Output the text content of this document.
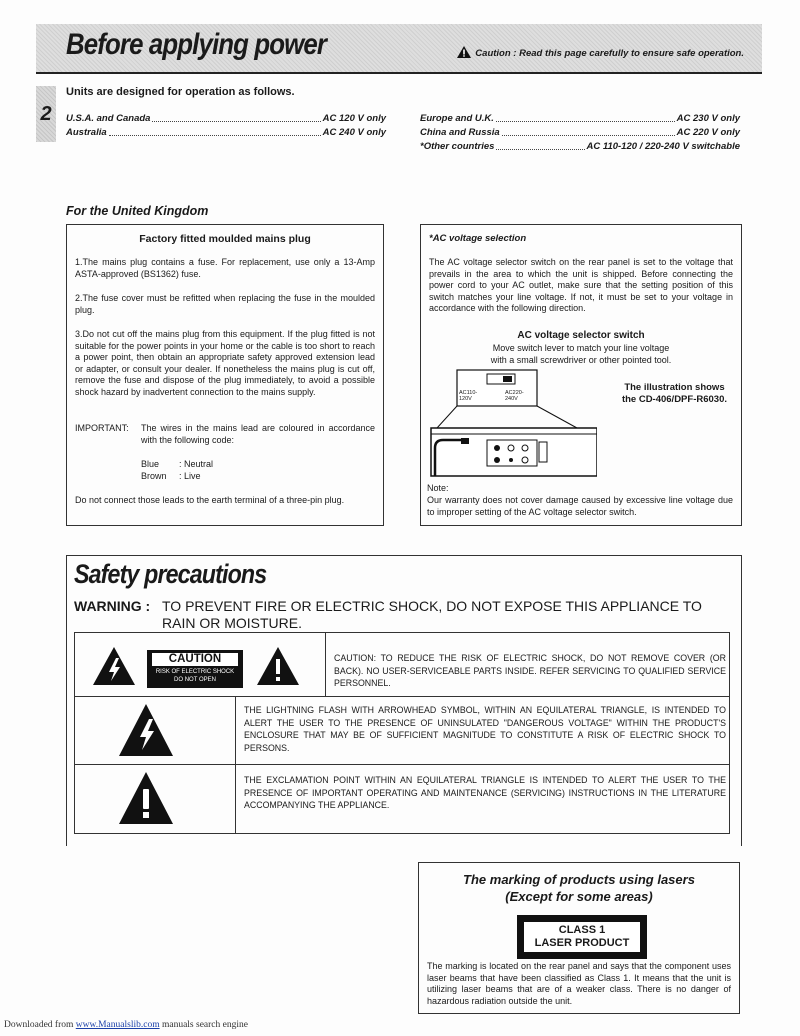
Before applying power	Caution : Read this page carefully to ensure safe operation.
2
Units are designed for operation as follows.
U.S.A. and Canada	AC 120 V only
Australia	AC 240 V only
Europe and U.K.	AC 230 V only
China and Russia	AC 220 V only
*Other countries	AC 110-120 / 220-240 V switchable
For the United Kingdom
Factory fitted moulded mains plug
1.The mains plug contains a fuse. For replacement, use only a 13-Amp ASTA-approved (BS1362) fuse.
2.The fuse cover must be refitted when replacing the fuse in the moulded plug.
3.Do not cut off the mains plug from this equipment. If the plug fitted is not suitable for the power points in your home or the cable is too short to reach a power point, then obtain an appropriate safety approved extension lead or adapter, or consult your dealer. If nonetheless the mains plug is cut off, remove the fuse and dispose of the plug immediately, to avoid a possible shock hazard by inadvertent connection to the mains supply.
IMPORTANT:	The wires in the mains lead are coloured in accordance with the following code:
Blue	: Neutral
Brown	: Live
Do not connect those leads to the earth terminal of a three-pin plug.
*AC voltage selection
The AC voltage selector switch on the rear panel is set to the voltage that prevails in the area to which the unit is shipped. Before connecting the power cord to your AC outlet, make sure that the setting position of this switch matches your line voltage. If not, it must be set to your voltage in accordance with the following direction.
AC voltage selector switch
Move switch lever to match your line voltage
with a small screwdriver or other pointed tool.
AC110-120V
AC220-240V
The illustration shows
the CD-406/DPF-R6030.
Note:
Our warranty does not cover damage caused by excessive line voltage due to improper setting of the AC voltage selector switch.
Safety precautions
WARNING : TO PREVENT FIRE OR ELECTRIC SHOCK, DO NOT EXPOSE THIS APPLIANCE TO RAIN OR MOISTURE.
CAUTION
RISK OF ELECTRIC SHOCK
DO NOT OPEN
CAUTION: TO REDUCE THE RISK OF ELECTRIC SHOCK, DO NOT REMOVE COVER (OR BACK). NO USER-SERVICEABLE PARTS INSIDE. REFER SERVICING TO QUALIFIED SERVICE PERSONNEL.
THE LIGHTNING FLASH WITH ARROWHEAD SYMBOL, WITHIN AN EQUILATERAL TRIANGLE, IS INTENDED TO ALERT THE USER TO THE PRESENCE OF UNINSULATED "DANGEROUS VOLTAGE" WITHIN THE PRODUCT'S ENCLOSURE THAT MAY BE OF SUFFICIENT MAGNITUDE TO CONSTITUTE A RISK OF ELECTRIC SHOCK TO PERSONS.
THE EXCLAMATION POINT WITHIN AN EQUILATERAL TRIANGLE IS INTENDED TO ALERT THE USER TO THE PRESENCE OF IMPORTANT OPERATING AND MAINTENANCE (SERVICING) INSTRUCTIONS IN THE LITERATURE ACCOMPANYING THE APPLIANCE.
The marking of products using lasers
(Except for some areas)
CLASS 1
LASER PRODUCT
The marking is located on the rear panel and says that the component uses laser beams that have been classified as Class 1. It means that the unit is utilizing laser beams that are of a weaker class. There is no danger of hazardous radiation outside the unit.
Downloaded from www.Manualslib.com manuals search engine
